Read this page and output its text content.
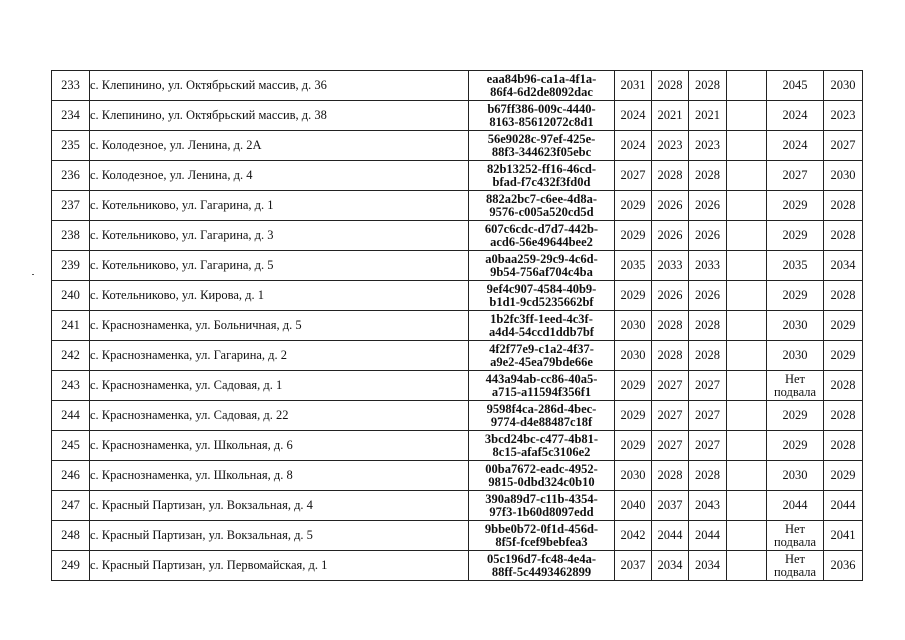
233	с. Клепинино, ул. Октябрьский массив, д. 36	eaa84b96-ca1a-4f1a-
86f4-6d2de8092dac	2031	2028	2028		2045	2030
234	с. Клепинино, ул. Октябрьский массив, д. 38	b67ff386-009c-4440-
8163-85612072c8d1	2024	2021	2021		2024	2023
235	с. Колодезное, ул. Ленина, д. 2А	56e9028c-97ef-425e-
88f3-344623f05ebc	2024	2023	2023		2024	2027
236	с. Колодезное, ул. Ленина, д. 4	82b13252-ff16-46cd-
bfad-f7c432f3fd0d	2027	2028	2028		2027	2030
237	с. Котельниково, ул. Гагарина, д. 1	882a2bc7-c6ee-4d8a-
9576-c005a520cd5d	2029	2026	2026		2029	2028
238	с. Котельниково, ул. Гагарина, д. 3	607c6cdc-d7d7-442b-
acd6-56e49644bee2	2029	2026	2026		2029	2028
239	с. Котельниково, ул. Гагарина, д. 5	a0baa259-29c9-4c6d-
9b54-756af704c4ba	2035	2033	2033		2035	2034
240	с. Котельниково, ул. Кирова, д. 1	9ef4c907-4584-40b9-
b1d1-9cd5235662bf	2029	2026	2026		2029	2028
241	с. Краснознаменка, ул. Больничная, д. 5	1b2fc3ff-1eed-4c3f-
a4d4-54ccd1ddb7bf	2030	2028	2028		2030	2029
242	с. Краснознаменка, ул. Гагарина, д. 2	4f2f77e9-c1a2-4f37-
a9e2-45ea79bde66e	2030	2028	2028		2030	2029
243	с. Краснознаменка, ул. Садовая, д. 1	443a94ab-cc86-40a5-
a715-a11594f356f1	2029	2027	2027		Нет
подвала	2028
244	с. Краснознаменка, ул. Садовая, д. 22	9598f4ca-286d-4bec-
9774-d4e88487c18f	2029	2027	2027		2029	2028
245	с. Краснознаменка, ул. Школьная, д. 6	3bcd24bc-c477-4b81-
8c15-afaf5c3106e2	2029	2027	2027		2029	2028
246	с. Краснознаменка, ул. Школьная, д. 8	00ba7672-eadc-4952-
9815-0dbd324c0b10	2030	2028	2028		2030	2029
247	с. Красный Партизан, ул. Вокзальная, д. 4	390a89d7-c11b-4354-
97f3-1b60d8097edd	2040	2037	2043		2044	2044
248	с. Красный Партизан, ул. Вокзальная, д. 5	9bbe0b72-0f1d-456d-
8f5f-fcef9bebfea3	2042	2044	2044		Нет
подвала	2041
249	с. Красный Партизан, ул. Первомайская, д. 1	05c196d7-fc48-4e4a-
88ff-5c4493462899	2037	2034	2034		Нет
подвала	2036
